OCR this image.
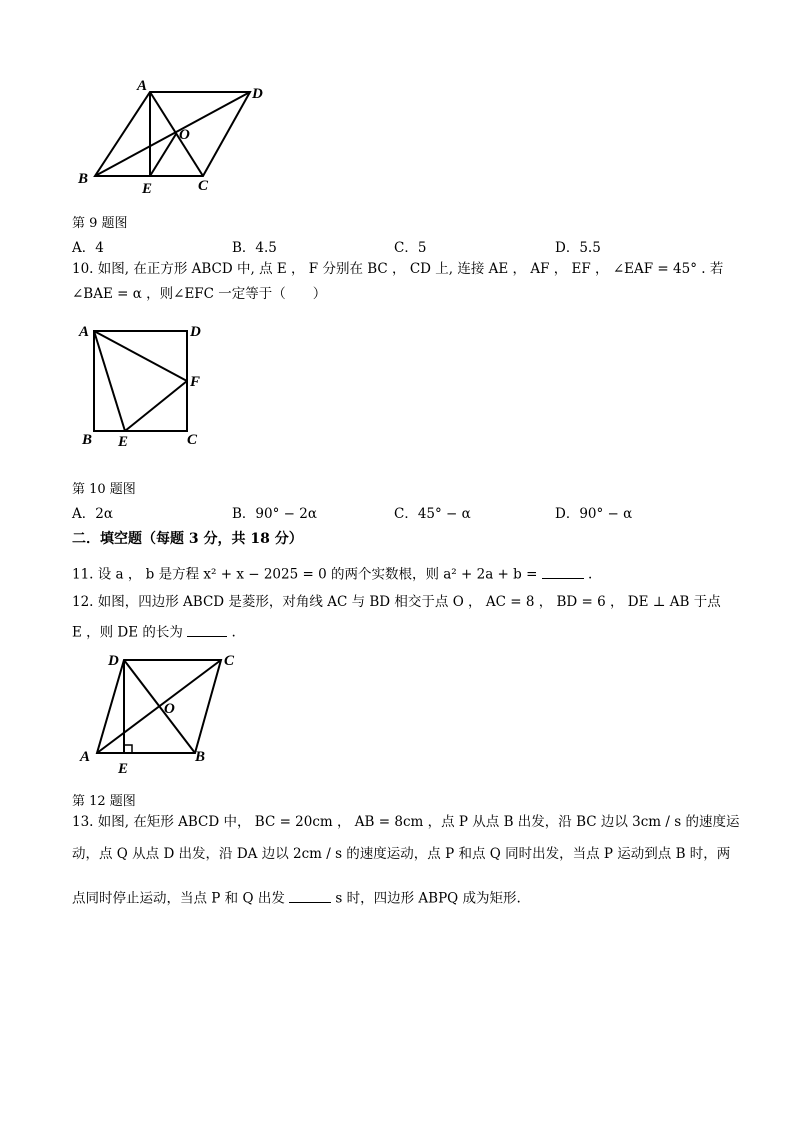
A	D
O
B
E	C
第 9 题图
A．4	B．4.5	C．5	D．5.5
10. 如图, 在正方形 ABCD 中, 点 E ， F 分别在 BC ， CD 上, 连接 AE ， AF ， EF ， ∠EAF = 45° . 若
∠BAE = α ，则∠EFC 一定等于（　　）
A	D
F
B E	C
第 10 题图
A．2α	B．90° − 2α	C．45° − α	D．90° − α
二．填空题（每题 3 分，共 18 分）
11. 设 a ， b 是方程 x² + x − 2025 = 0 的两个实数根，则 a² + 2a + b =	.
12. 如图，四边形 ABCD 是菱形，对角线 AC 与 BD 相交于点 O ， AC = 8 ， BD = 6 ， DE ⊥ AB 于点
E ，则 DE 的长为	.
D	C
O
A	B
E
第 12 题图
13. 如图, 在矩形 ABCD 中， BC = 20cm ， AB = 8cm ，点 P 从点 B 出发，沿 BC 边以 3cm / s 的速度运
动，点 Q 从点 D 出发，沿 DA 边以 2cm / s 的速度运动，点 P 和点 Q 同时出发，当点 P 运动到点 B 时，两
点同时停止运动，当点 P 和 Q 出发	s 时，四边形 ABPQ 成为矩形.
